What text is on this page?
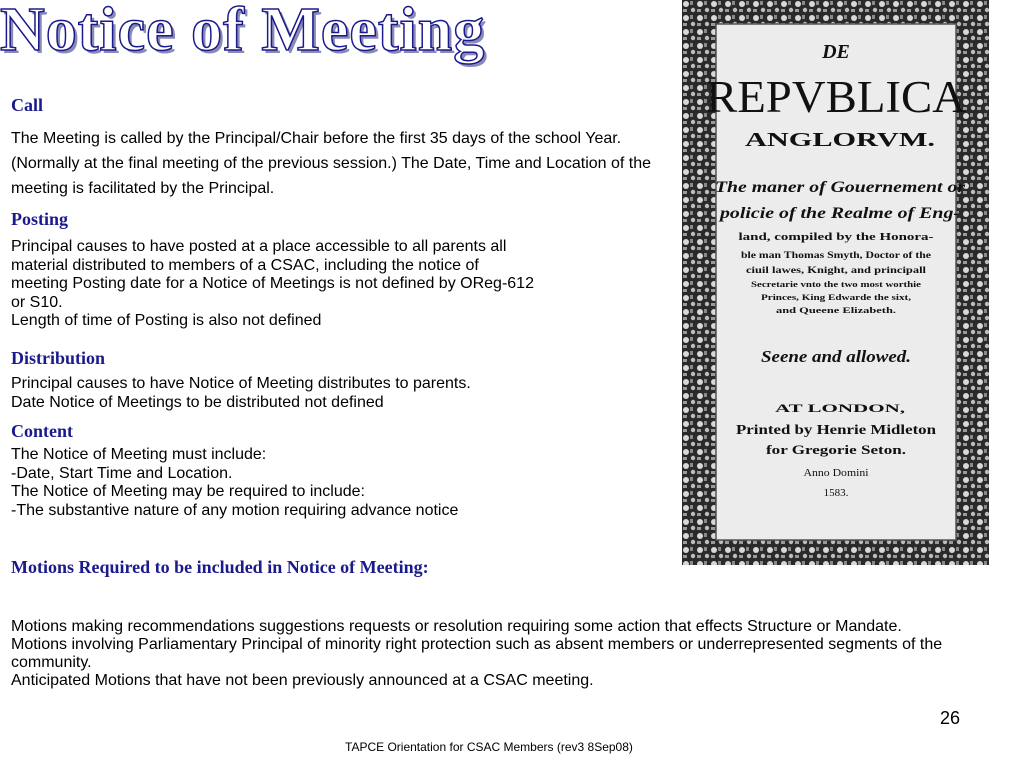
Notice of Meeting
Call
The Meeting is called by the Principal/Chair before the first 35 days of the school Year. (Normally at the final meeting of the previous session.) The Date, Time and Location of the meeting is facilitated by the Principal.
Posting
Principal causes to have posted at a place accessible to all parents all
material distributed to members of a CSAC, including the notice of
meeting Posting date for a Notice of Meetings is not defined by OReg-612
or S10.
Length of time of Posting is also not defined
Distribution
Principal causes to have Notice of Meeting distributes to parents.
Date Notice of Meetings to be distributed not defined
Content
The Notice of Meeting must include:
-Date, Start Time and Location.
The Notice of Meeting may be required to include:
-The substantive nature of any motion requiring advance notice
Motions Required to be included in Notice of Meeting:
Motions making recommendations suggestions requests or resolution requiring some action that effects Structure or Mandate.
Motions involving Parliamentary Principal of minority right protection such as absent members or underrepresented segments of the community.
Anticipated Motions that have not been previously announced at a CSAC meeting.
26
TAPCE Orientation for CSAC Members (rev3 8Sep08)
DE
REPVBLICA
ANGLORVM.
The maner of Gouernement or
policie of the Realme of Eng-
land, compiled by the Honora-
ble man Thomas Smyth, Doctor of the
ciuil lawes, Knight, and principall
Secretarie vnto the two most worthie
Princes, King Edwarde the sixt,
and Queene Elizabeth.
Seene and allowed.
AT LONDON,
Printed by Henrie Midleton
for Gregorie Seton.
Anno Domini
1583.
